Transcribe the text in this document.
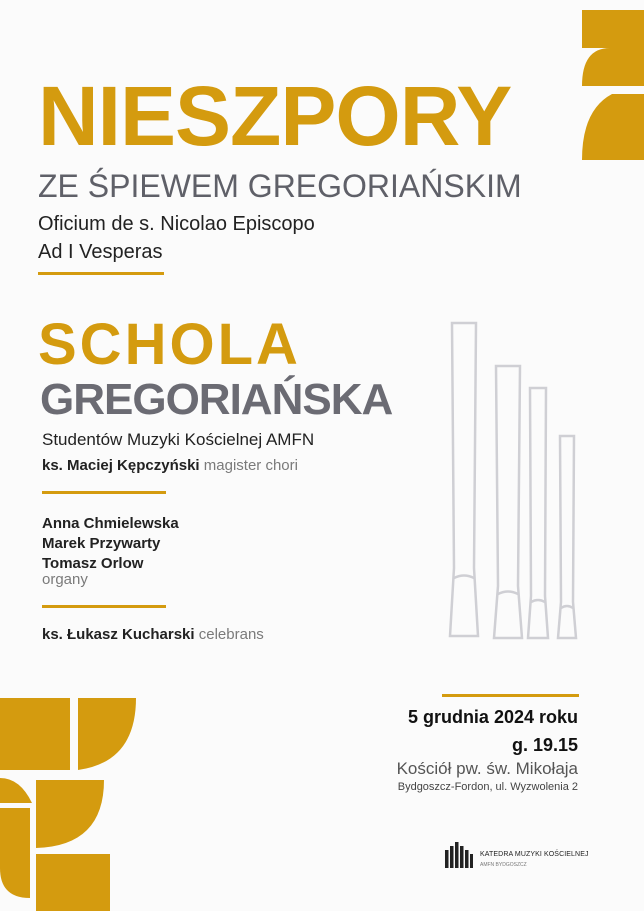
NIESZPORY
ZE ŚPIEWEM GREGORIAŃSKIM
Oficium de s. Nicolao Episcopo
Ad I Vesperas
SCHOLA
GREGORIAŃSKA
Studentów Muzyki Kościelnej AMFN
ks. Maciej Kępczyński magister chori
Anna Chmielewska
Marek Przywarty
Tomasz Orlow
organy
ks. Łukasz Kucharski celebrans
5 grudnia 2024 roku
g. 19.15
Kościół pw. św. Mikołaja
Bydgoszcz-Fordon, ul. Wyzwolenia 2
KATEDRA MUZYKI KOŚCIELNEJ
AMFN BYDGOSZCZ
